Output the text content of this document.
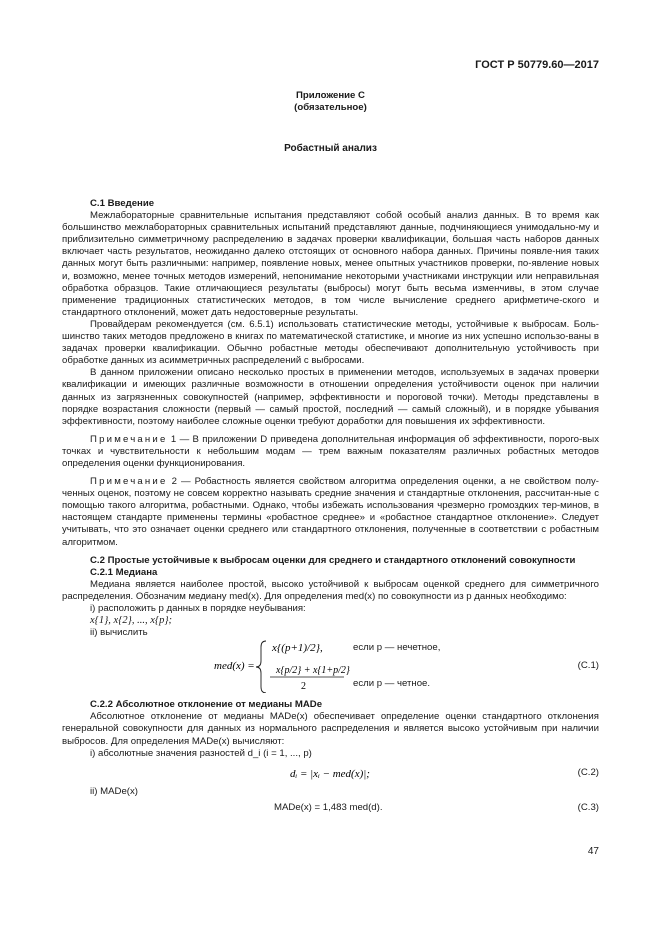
ГОСТ Р 50779.60—2017
Приложение С
(обязательное)
Робастный анализ

С.1 Введение

Межлабораторные сравнительные испытания представляют собой особый анализ данных. В то время как большинство межлабораторных сравнительных испытаний представляют данные, подчиняющиеся унимодально-му и приблизительно симметричному распределению в задачах проверки квалификации, большая часть наборов данных включает часть результатов, неожиданно далеко отстоящих от основного набора данных. Причины появле-ния таких данных могут быть различными: например, появление новых, менее опытных участников проверки, по-явление новых и, возможно, менее точных методов измерений, непонимание некоторыми участниками инструкции или неправильная обработка образцов. Такие отличающиеся результаты (выбросы) могут быть весьма изменчивы, в этом случае применение традиционных статистических методов, в том числе вычисление среднего арифметиче-ского и стандартного отклонений, может дать недостоверные результаты.

Провайдерам рекомендуется (см. 6.5.1) использовать статистические методы, устойчивые к выбросам. Боль-шинство таких методов предложено в книгах по математической статистике, и многие из них успешно использо-ваны в задачах проверки квалификации. Обычно робастные методы обеспечивают дополнительную устойчивость при обработке данных из асимметричных распределений с выбросами.

В данном приложении описано несколько простых в применении методов, используемых в задачах проверки квалификации и имеющих различные возможности в отношении определения устойчивости оценок при наличии данных из загрязненных совокупностей (например, эффективности и пороговой точки). Методы представлены в порядке возрастания сложности (первый — самый простой, последний — самый сложный), и в порядке убывания эффективности, поэтому наиболее сложные оценки требуют доработки для повышения их эффективности.

Примечание 1 — В приложении D приведена дополнительная информация об эффективности, порого-вых точках и чувствительности к небольшим модам — трем важным показателям различных робастных методов определения оценки функционирования.

Примечание 2 — Робастность является свойством алгоритма определения оценки, а не свойством полу-ченных оценок, поэтому не совсем корректно называть средние значения и стандартные отклонения, рассчитан-ные с помощью такого алгоритма, робастными. Однако, чтобы избежать использования чрезмерно громоздких тер-минов, в настоящем стандарте применены термины «робастное среднее» и «робастное стандартное отклонение». Следует учитывать, что это означает оценки среднего или стандартного отклонения, полученные в соответствии с робастным алгоритмом.

С.2 Простые устойчивые к выбросам оценки для среднего и стандартного отклонений совокупности

С.2.1 Медиана

Медиана является наиболее простой, высоко устойчивой к выбросам оценкой среднего для симметричного распределения. Обозначим медиану med(x). Для определения med(x) по совокупности из p данных необходимо:

i) расположить p данных в порядке неубывания:

x{1}, x{2}, ..., x{p};

ii) вычислить

med(x) =
x{(p+1)/2},
x{p/2} + x{1+p/2}
2
если p — нечетное,
если p — четное.
(С.1)

С.2.2 Абсолютное отклонение от медианы MADe

Абсолютное отклонение от медианы MADe(x) обеспечивает определение оценки стандартного отклонения генеральной совокупности для данных из нормального распределения и является высоко устойчивым при наличии выбросов. Для определения MADe(x) вычисляют:

i) абсолютные значения разностей d_i (i = 1, ..., p)

dᵢ = |xᵢ − med(x)|;	(С.2)

ii) MADe(x)

MADe(x) = 1,483 med(d).	(С.3)
47
